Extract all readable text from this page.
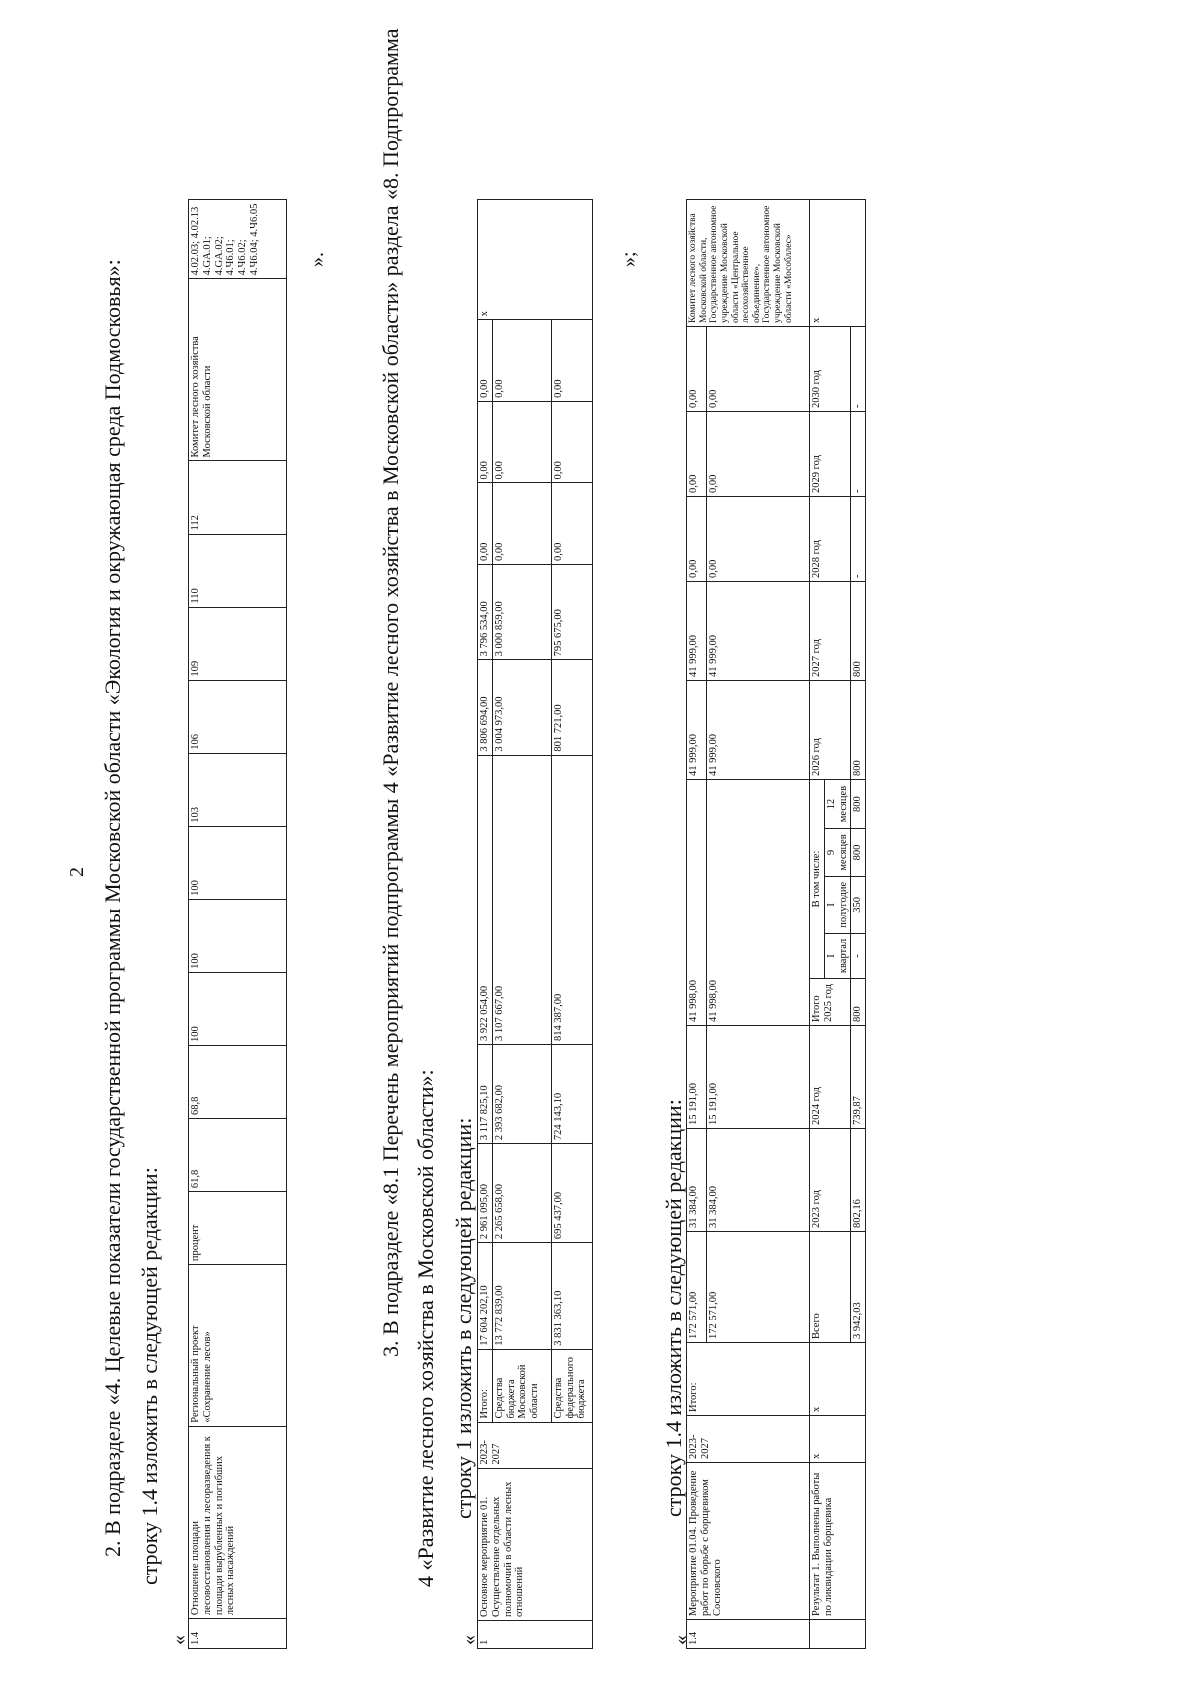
2 2. В подразделе «4. Целевые показатели государственной программы Московской области «Экология и окружающая среда Подмосковья»: строку 1.4 изложить в следующей редакции:
« 1.4	Отношение площади лесовосстановления и лесоразведения к площади вырубленных и погибших лесных насаждений	Региональный проект «Сохранение лесов»	процент	61,8	68,8	100	100	100	103	106	109	110	112	Комитет лесного хозяйства Московской области	4.02.03; 4.02.13 4.GA.01; 4.GA.02; 4.Ч6.01; 4.Ч6.02; 4.Ч6.04; 4.Ч6.05 ». 3. В подразделе «8.1 Перечень мероприятий подпрограммы 4 «Развитие лесного хозяйства в Московской области» раздела «8. Подпрограмма 4 «Развитие лесного хозяйства в Московской области»: строку 1 изложить в следующей редакции:
« 1	Основное мероприятие 01. Осуществление отдельных полномочий в области лесных отношений	2023-2027	Итого:	17 604 202,10	2 961 095,00	3 117 825,10	3 922 054,00	3 806 694,00	3 796 534,00	0,00	0,00	0,00	x
			Средства бюджета Московской области	13 772 839,00	2 265 658,00	2 393 682,00	3 107 667,00	3 004 973,00	3 000 859,00	0,00	0,00	0,00	
			Средства федерального бюджета	3 831 363,10	695 437,00	724 143,10	814 387,00	801 721,00	795 675,00	0,00	0,00	0,00	
»;
строку 1.4 изложить в следующей редакции:
«
1.4	Мероприятие 01.04. Проведение работ по борьбе с борщевиком Сосновского	2023-2027	Итого:	172 571,00	31 384,00	15 191,00	41 998,00					41 999,00	41 999,00	0,00	0,00	0,00	Комитет лесного хозяйства Московской области, Государственное автономное учреждение Московской области «Центральное лесохозяйственное объединение», Государственное автономное учреждение Московской области «Мособллес»
				172 571,00	31 384,00	15 191,00	41 998,00					41 999,00	41 999,00	0,00	0,00	0,00	
	Результат 1. Выполнены работы по ликвидации борщевика	x	x	Всего	2023 год	2024 год	Итого 2025 год	В том числе:				2026 год	2027 год	2028 год	2029 год	2030 год	x
								I квартал	I полугодие	9 месяцев	12 месяцев						
				3 942,03	802,16	739,87	800	-	350	800	800	800	800	-	-	-	
